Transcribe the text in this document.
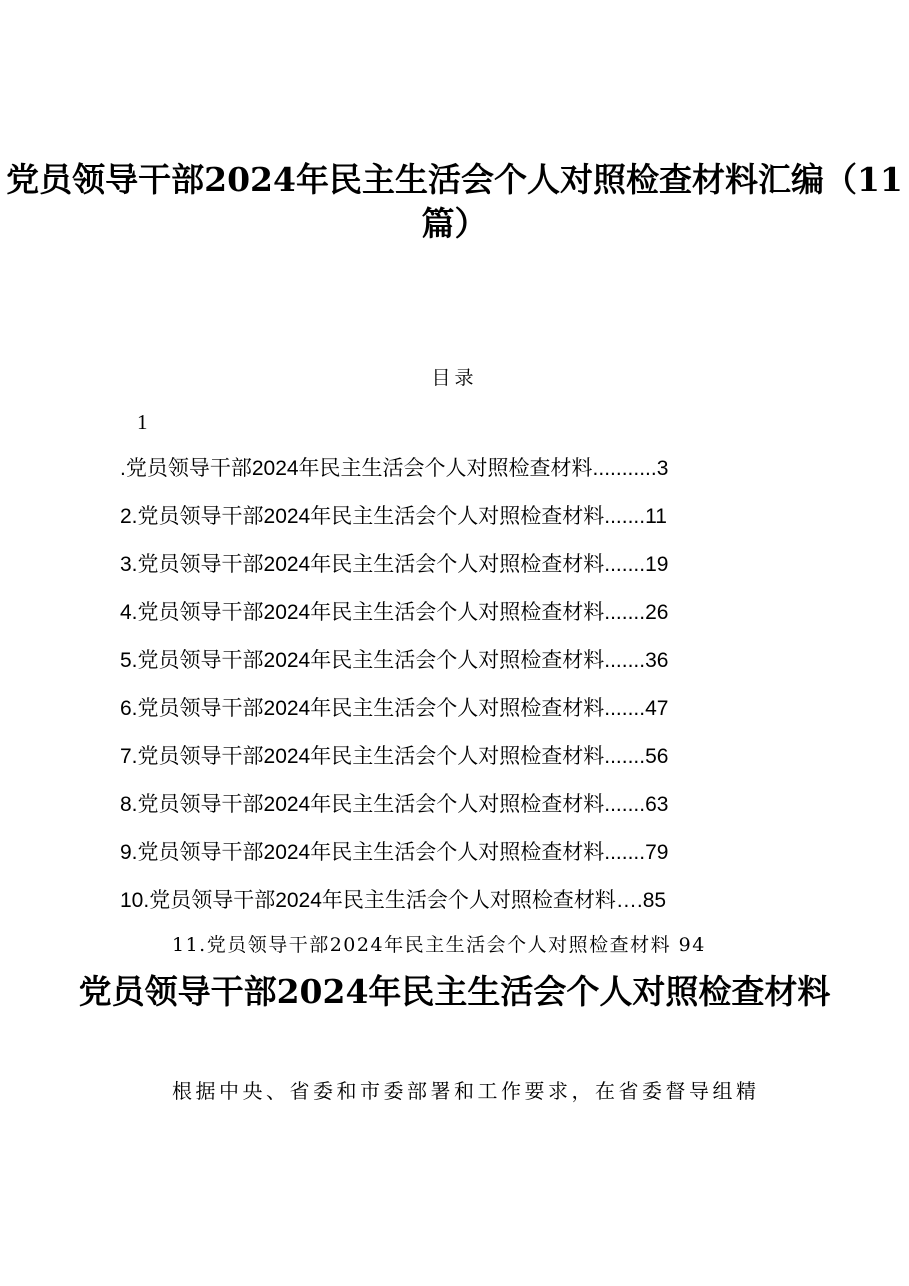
党员领导干部2024年民主生活会个人对照检查材料汇编（11篇）
目录
1
.党员领导干部2024年民主生活会个人对照检查材料...........3
2.党员领导干部2024年民主生活会个人对照检查材料.......11
3.党员领导干部2024年民主生活会个人对照检查材料.......19
4.党员领导干部2024年民主生活会个人对照检查材料.......26
5.党员领导干部2024年民主生活会个人对照检查材料.......36
6.党员领导干部2024年民主生活会个人对照检查材料.......47
7.党员领导干部2024年民主生活会个人对照检查材料.......56
8.党员领导干部2024年民主生活会个人对照检查材料.......63
9.党员领导干部2024年民主生活会个人对照检查材料.......79
10.党员领导干部2024年民主生活会个人对照检查材料….85
11.党员领导干部2024年民主生活会个人对照检查材料 94
党员领导干部2024年民主生活会个人对照检查材料

根据中央、省委和市委部署和工作要求，在省委督导组精
